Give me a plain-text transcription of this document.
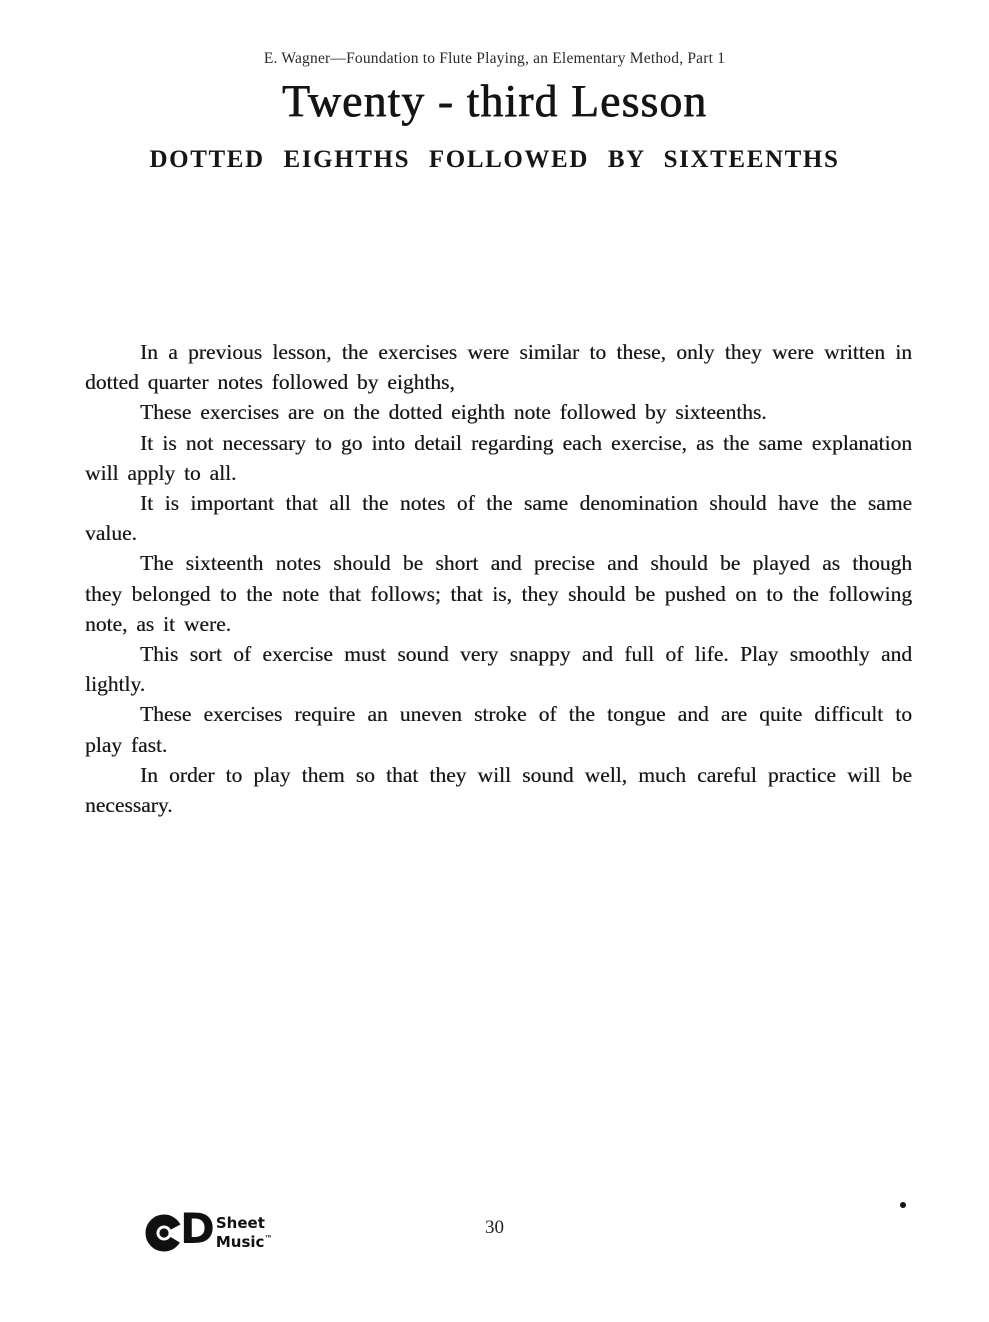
E. Wagner—Foundation to Flute Playing, an Elementary Method, Part 1
Twenty - third Lesson
DOTTED EIGHTHS FOLLOWED BY SIXTEENTHS

In a previous lesson, the exercises were similar to these, only they were written in dotted quarter notes followed by eighths,

These exercises are on the dotted eighth note followed by sixteenths.

It is not necessary to go into detail regarding each exercise, as the same explanation will apply to all.

It is important that all the notes of the same denomination should have the same value.

The sixteenth notes should be short and precise and should be played as though they belonged to the note that follows; that is, they should be pushed on to the following note, as it were.

This sort of exercise must sound very snappy and full of life. Play smoothly and lightly.

These exercises require an uneven stroke of the tongue and are quite difficult to play fast.

In order to play them so that they will sound well, much careful practice will be necessary.

D Sheet
Music™
30
